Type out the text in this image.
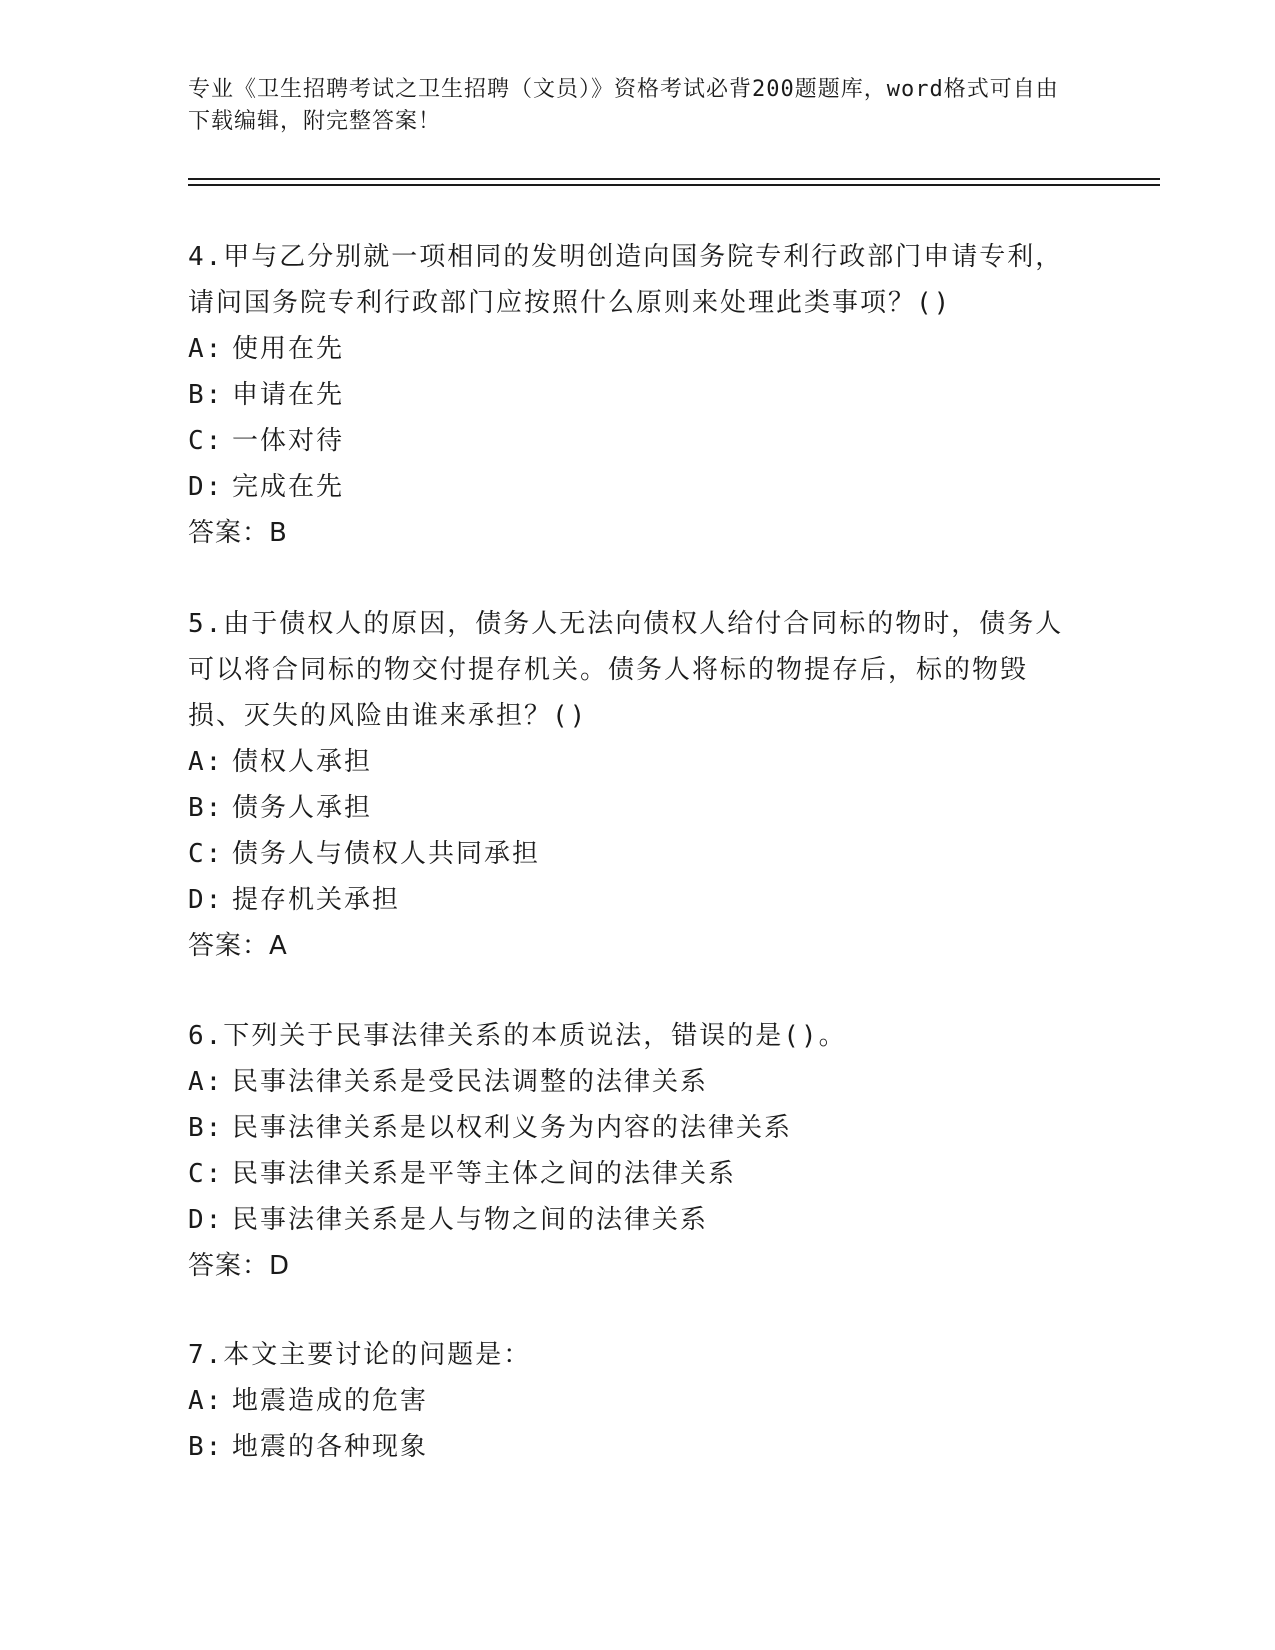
专业《卫生招聘考试之卫生招聘（文员）》资格考试必背200题题库，word格式可自由下载编辑，附完整答案！

4.甲与乙分别就一项相同的发明创造向国务院专利行政部门申请专利，请问国务院专利行政部门应按照什么原则来处理此类事项？()

A: 使用在先

B: 申请在先

C: 一体对待

D: 完成在先

答案：B

5.由于债权人的原因，债务人无法向债权人给付合同标的物时，债务人可以将合同标的物交付提存机关。债务人将标的物提存后，标的物毁损、灭失的风险由谁来承担？()

A: 债权人承担

B: 债务人承担

C: 债务人与债权人共同承担

D: 提存机关承担

答案：A

6.下列关于民事法律关系的本质说法，错误的是()。

A: 民事法律关系是受民法调整的法律关系

B: 民事法律关系是以权利义务为内容的法律关系

C: 民事法律关系是平等主体之间的法律关系

D: 民事法律关系是人与物之间的法律关系

答案：D

7.本文主要讨论的问题是：

A: 地震造成的危害

B: 地震的各种现象
